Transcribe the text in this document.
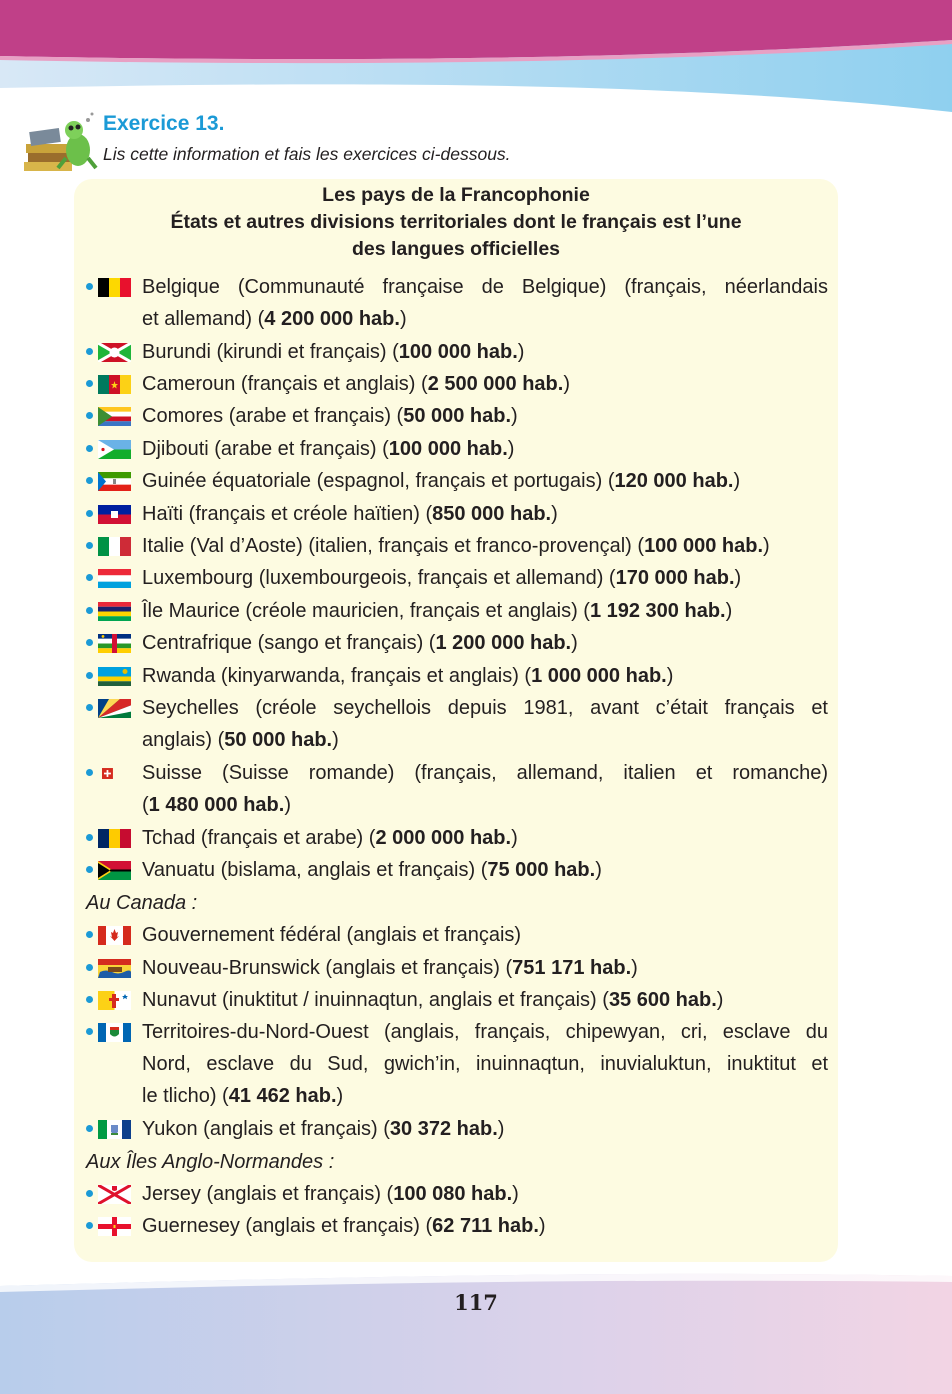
Exercice 13.
Lis cette information et fais les exercices ci-dessous.
Les pays de la Francophonie
États et autres divisions territoriales dont le français est l’une
des langues officielles
Belgique (Communauté française de Belgique) (français, néerlandais
et allemand) (4 200 000 hab.)
Burundi (kirundi et français) (100 000 hab.)
Cameroun (français et anglais) (2 500 000 hab.)
Comores (arabe et français) (50 000 hab.)
Djibouti (arabe et français) (100 000 hab.)
Guinée équatoriale (espagnol, français et portugais) (120 000 hab.)
Haïti (français et créole haïtien) (850 000 hab.)
Italie (Val d’Aoste) (italien, français et franco-provençal) (100 000 hab.)
Luxembourg (luxembourgeois, français et allemand) (170 000 hab.)
Île Maurice (créole mauricien, français et anglais) (1 192 300 hab.)
Centrafrique (sango et français) (1 200 000 hab.)
Rwanda (kinyarwanda, français et anglais) (1 000 000 hab.)
Seychelles (créole seychellois depuis 1981, avant c’était français et
anglais) (50 000 hab.)
Suisse (Suisse romande) (français, allemand, italien et romanche)
(1 480 000 hab.)
Tchad (français et arabe) (2 000 000 hab.)
Vanuatu (bislama, anglais et français) (75 000 hab.)
Au Canada :
Gouvernement fédéral (anglais et français)
Nouveau-Brunswick (anglais et français) (751 171 hab.)
Nunavut (inuktitut / inuinnaqtun, anglais et français) (35 600 hab.)
Territoires-du-Nord-Ouest (anglais, français, chipewyan, cri, esclave du
Nord, esclave du Sud, gwich’in, inuinnaqtun, inuvialuktun, inuktitut et
le tlicho) (41 462 hab.)
Yukon (anglais et français) (30 372 hab.)
Aux Îles Anglo-Normandes :
Jersey (anglais et français) (100 080 hab.)
Guernesey (anglais et français) (62 711 hab.)
117
